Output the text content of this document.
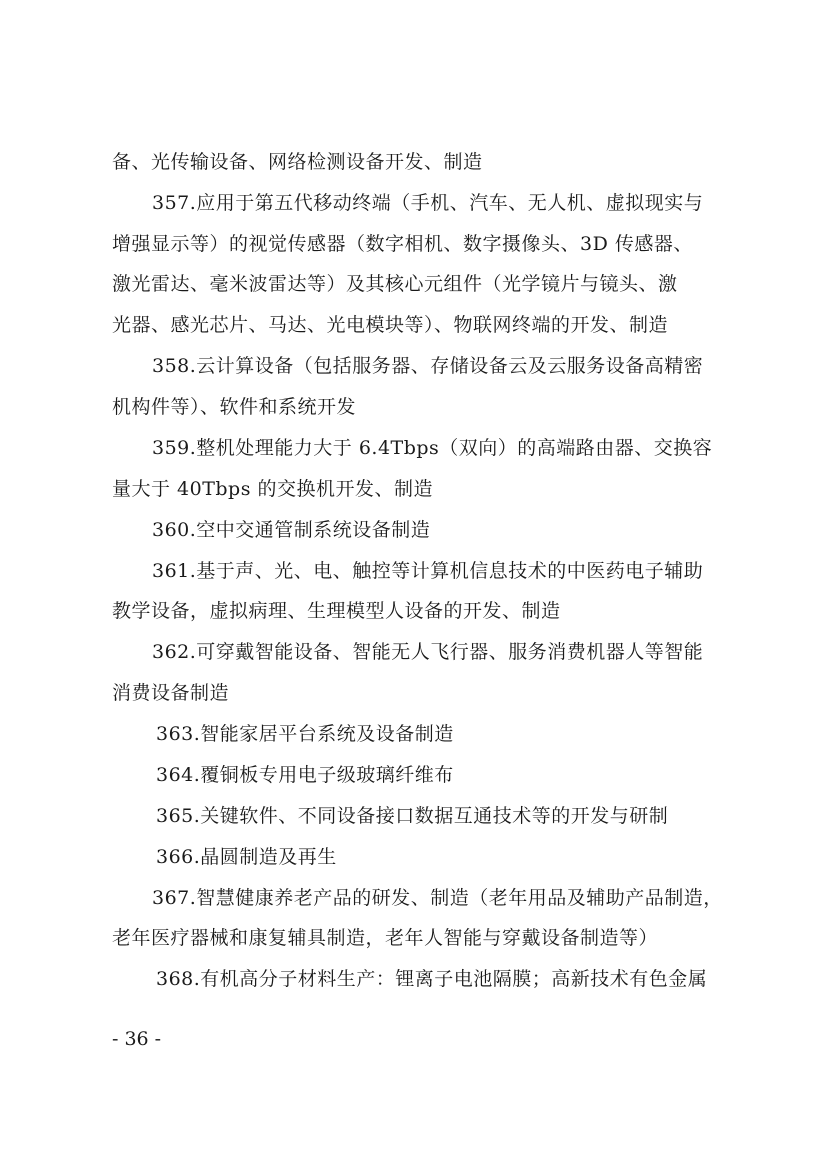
备、光传输设备、网络检测设备开发、制造
357.应用于第五代移动终端（手机、汽车、无人机、虚拟现实与
增强显示等）的视觉传感器（数字相机、数字摄像头、3D 传感器、
激光雷达、毫米波雷达等）及其核心元组件（光学镜片与镜头、激
光器、感光芯片、马达、光电模块等）、物联网终端的开发、制造
358.云计算设备（包括服务器、存储设备云及云服务设备高精密
机构件等）、软件和系统开发
359.整机处理能力大于 6.4Tbps（双向）的高端路由器、交换容
量大于 40Tbps 的交换机开发、制造
360.空中交通管制系统设备制造
361.基于声、光、电、触控等计算机信息技术的中医药电子辅助
教学设备，虚拟病理、生理模型人设备的开发、制造
362.可穿戴智能设备、智能无人飞行器、服务消费机器人等智能
消费设备制造
363.智能家居平台系统及设备制造
364.覆铜板专用电子级玻璃纤维布
365.关键软件、不同设备接口数据互通技术等的开发与研制
366.晶圆制造及再生
367.智慧健康养老产品的研发、制造（老年用品及辅助产品制造，
老年医疗器械和康复辅具制造，老年人智能与穿戴设备制造等）
368.有机高分子材料生产：锂离子电池隔膜；高新技术有色金属
- 36 -
